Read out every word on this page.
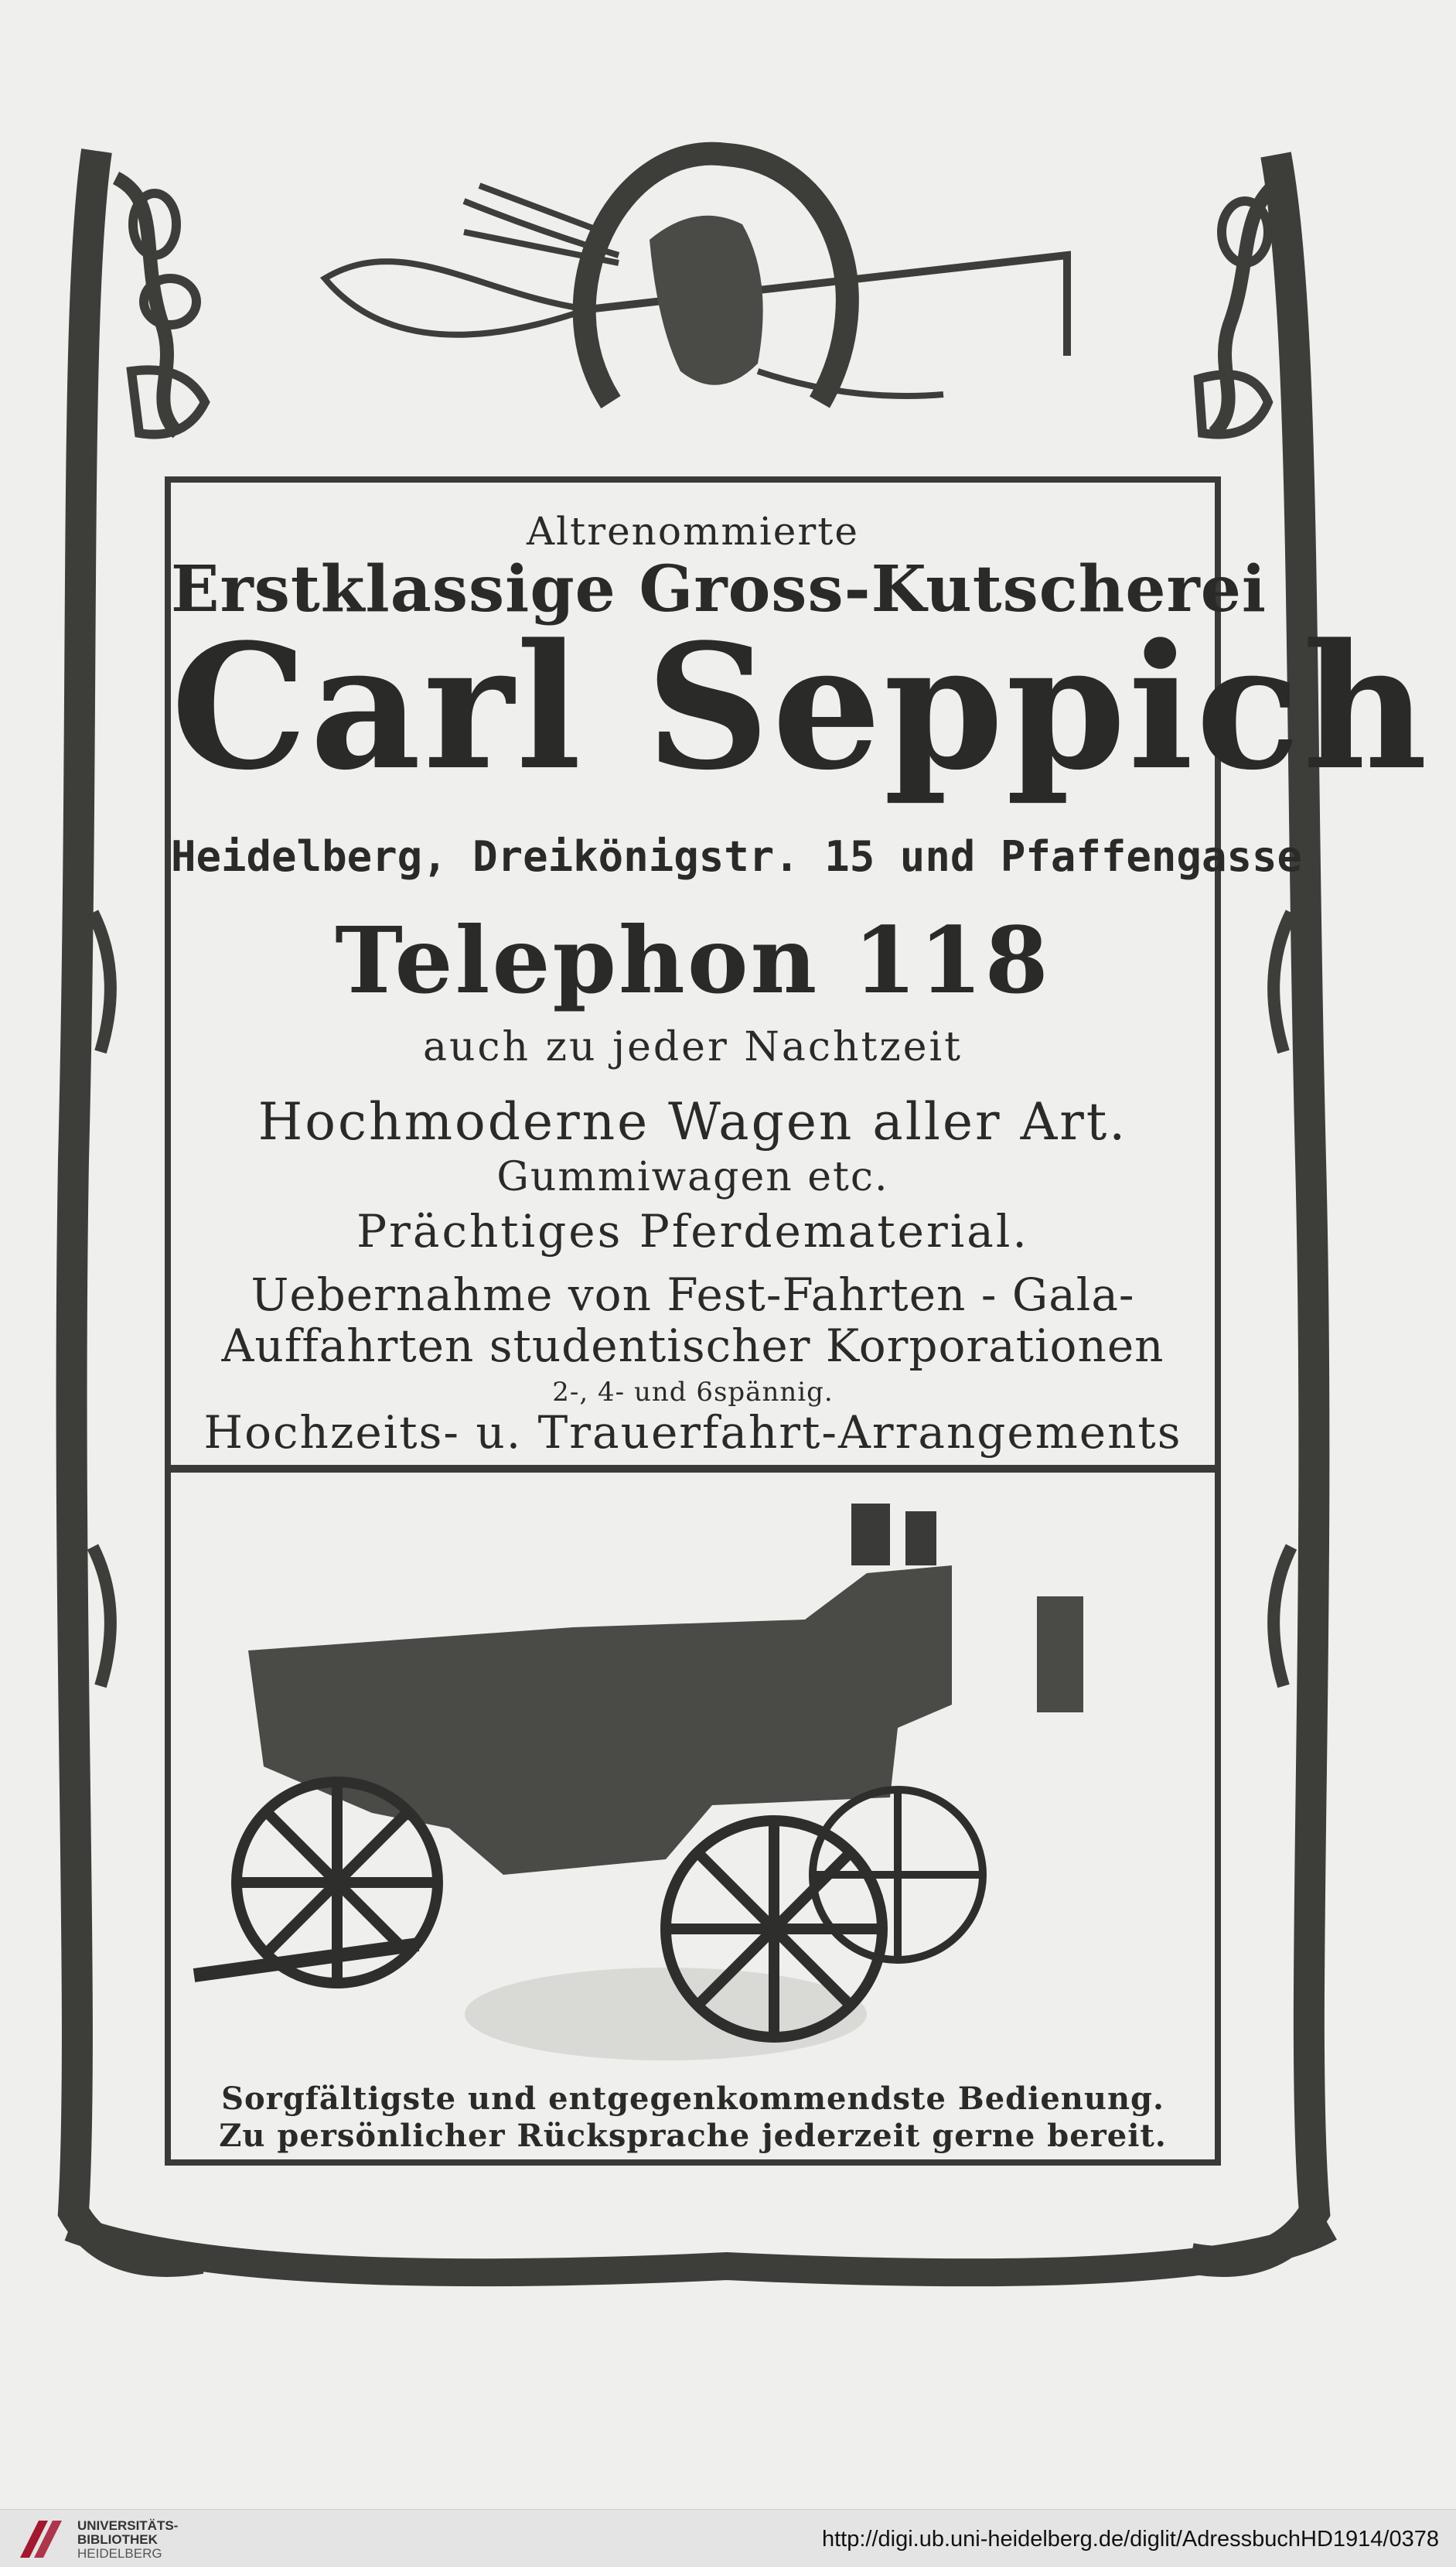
Altrenommierte
Erstklassige Gross-Kutscherei
Carl Seppich
Heidelberg, Dreikönigstr. 15 und Pfaffengasse
Telephon 118
auch zu jeder Nachtzeit
Hochmoderne Wagen aller Art.
Gummiwagen etc.
Prächtiges Pferdematerial.
Uebernahme von Fest-Fahrten - Gala-
Auffahrten studentischer Korporationen
2-, 4- und 6spännig.
Hochzeits- u. Trauerfahrt-Arrangements
Sorgfältigste und entgegenkommendste Bedienung.
Zu persönlicher Rücksprache jederzeit gerne bereit.
UNIVERSITÄTS-
BIBLIOTHEK
HEIDELBERG
http://digi.ub.uni-heidelberg.de/diglit/AdressbuchHD1914/0378
